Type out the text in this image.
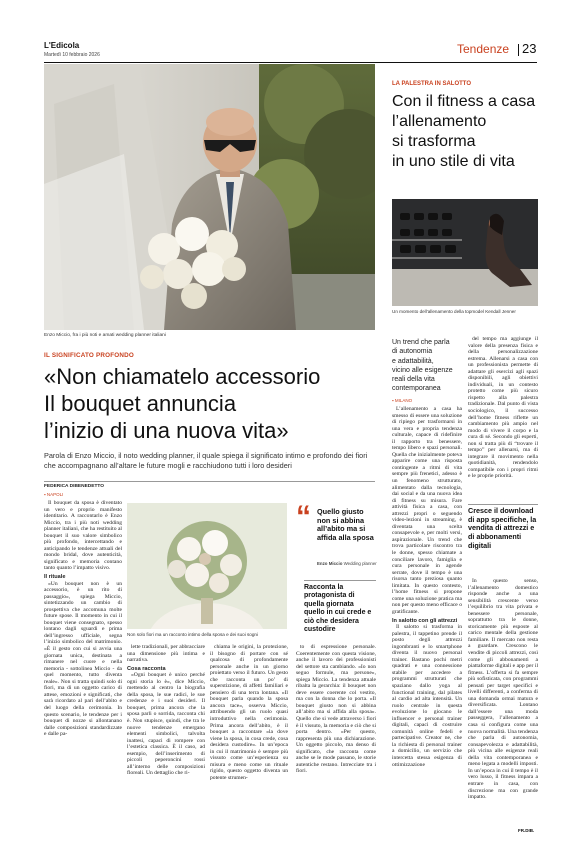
L'Edicola
Martedì 10 febbraio 2026	Tendenze 23
Enzo Miccio, fra i più noti e amati wedding planner italiani
IL SIGNIFICATO PROFONDO
«Non chiamatelo accessorio
Il bouquet annuncia
l’inizio di una nuova vita»
Parola di Enzo Miccio, il noto wedding planner, il quale spiega il significato intimo e profondo dei fiori che accompagnano all’altare le future mogli e racchiudono tutti i loro desideri
FEDERICA DIBENEDETTO
▪ NAPOLI

Il bouquet da sposa è diventato un vero e proprio manifesto identitario. A raccontarlo è Enzo Miccio, tra i più noti wedding planner italiani, che ha restituito al bouquet il suo valore simbolico più profondo, intercettando e anticipando le tendenze attuali del mondo bridal, dove autenticità, significato e memoria contano tanto quanto l’impatto visivo.

Il rituale

«Un bouquet non è un accessorio, è un rito di passaggio», spiega Miccio, sintetizzando un cambio di prospettiva che accomuna molte future spose. Il momento in cui il bouquet viene consegnato, spesso lontano dagli sguardi e prima dell’ingresso ufficiale, segna l’inizio simbolico del matrimonio. «È il gesto con cui si avvia una giornata unica, destinata a rimanere nel cuore e nella memoria - sottolinea Miccio - da quel momento, tutto diventa reale». Non si tratta quindi solo di fiori, ma di un oggetto carico di attese, emozioni e significati, che sarà ricordato al pari dell’abito e del luogo della cerimonia. In questo scenario, le tendenze per i bouquet di nozze si allontanano dalle composizioni standardizzate e dalle pa-

Non solo fiori ma un racconto intimo della sposa e dei suoi sogni

lette tradizionali, per abbracciare una dimensione più intima e narrativa.

Cosa racconta

«Ogni bouquet è unico perché ogni storia lo è», dice Miccio, mettendo al centro la biografia della sposa, le sue radici, le sue credenze e i suoi desideri. Il bouquet, prima ancora che la sposa parli o sorrida, racconta chi è. Non stupisce, quindi, che tra le nuove tendenze emergano elementi simbolici, talvolta inattesi, capaci di rompere con l’estetica classica. È il caso, ad esempio, dell’inserimento di piccoli peperoncini rossi all’interno delle composizioni floreali. Un dettaglio che ri-

chiama le origini, la protezione, il bisogno di portare con sé qualcosa di profondamente personale anche in un giorno proiettato verso il futuro. Un gesto che racconta un po’ di superstizione, di affetti familiari e pensiero di una terra lontana. «Il bouquet parla quando la sposa ancora tace», osserva Miccio, attribuendo gli un ruolo quasi introduttivo nella cerimonia. Prima ancora dell’abito, è il bouquet a raccontare «la dove viene la sposa, in cosa crede, cosa desidera custodire». In un’epoca in cui il matrimonio è sempre più vissuto come un’esperienza su misura e meno come un rituale rigido, questo oggetto diventa un potente strumen-

“ Quello giusto non si abbina all’abito ma si affida alla sposa
Enzo Miccio Wedding planner
Racconta la protagonista di quella giornata quello in cui crede e ciò che desidera custodire

to di espressione personale. Coerentemente con questa visione, anche il lavoro dei professionisti del settore sta cambiando. «Io non seguo formule, ma persone», spiega Miccio. La tendenza attuale ribalta la gerarchia: il bouquet non deve essere coerente col vestito, ma con la donna che lo porta. «Il bouquet giusto non si abbina all’abito ma si affida alla sposa». Quello che si vede attraverso i fiori è il vissuto, la memoria e ciò che si porta dentro. «Per questo, rappresenta più una dichiarazione. Un oggetto piccolo, ma denso di significato, che racconta come anche se le mode passano, le storie autentiche restano. Intrecciate tra i fiori.

LA PALESTRA IN SALOTTO
Con il fitness a casa
l’allenamento
si trasforma
in uno stile di vita
Un momento dell’allenamento della topmodel Kendall Jenner
Un trend che parla
di autonomia
e adattabilità,
vicino alle esigenze
reali della vita
contemporanea
▪ MILANO

L’allenamento a casa ha smesso di essere una soluzione di ripiego per trasformarsi in una vera e propria tendenza culturale, capace di ridefinire il rapporto tra benessere, tempo libero e spazi personali. Quella che inizialmente poteva apparire come una risposta contingente a ritmi di vita sempre più frenetici, adesso è un fenomeno strutturato, alimentato dalla tecnologia, dai social e da una nuova idea di fitness su misura. Fare attività fisica a casa, con attrezzi propri o seguendo video-lezioni in streaming, è diventata una scelta consapevole e, per molti versi, aspirazionale. Un trend che trova particolare riscontro tra le donne, spesso chiamate a conciliare lavoro, famiglia e cura personale in agende serrate, dove il tempo è una risorsa tanto preziosa quanto limitata. In questo contesto, l’home fitness si propone come una soluzione pratica ma non per questo meno efficace o gratificante.

In salotto con gli attrezzi

Il salotto si trasforma in palestra, il tappetino prende il posto degli attrezzi ingombranti e lo smartphone diventa il nuovo personal trainer. Bastano pochi metri quadrati e una connessione stabile per accedere a programmi strutturati che spaziano dallo yoga al functional training, dal pilates al cardio ad alta intensità. Un ruolo centrale in questa evoluzione lo giocano le influencer e personal trainer digitali, capaci di costruire comunità online fedeli e partecipative. Creator ne, che la richiesta di personal trainer a domicilio, un servizio che intercetta stessa esigenza di ottimizzazione

del tempo ma aggiunge il valore della presenza fisica e della personalizzazione estrema. Allenarsi a casa con un professionista permette di adattare gli esercizi agli spazi disponibili, agli obiettivi individuali, in un contesto protetto come più sicuro rispetto alla palestra tradizionale. Dal punto di vista sociologico, il successo dell’home fitness riflette un cambiamento più ampio nel modo di vivere il corpo e la cura di sé. Secondo gli esperti, non si tratta più di “trovare il tempo” per allenarsi, ma di integrare il movimento nella quotidianità, rendendolo compatibile con i propri ritmi e le proprie priorità.

Cresce il download di app specifiche, la vendita di attrezzi e di abbonamenti digitali

In questo senso, l’allenamento domestico risponde anche a una sensibilità crescente verso l’equilibrio tra vita privata e benessere personale, soprattutto tra le donne, storicamente più esposte al carico mentale della gestione familiare. Il mercato non resta a guardare. Crescono le vendite di piccoli attrezzi, così come gli abbonamenti a piattaforme digitali e app per il fitness. L’offerta si fa sempre più sofisticata, con programmi pensati per target specifici e livelli differenti, a conferma di una domanda ormai matura e diversificata. Lontano dall’essere una moda passeggera, l’allenamento a casa si configura come una nuova normalità. Una tendenza che parla di autonomia, consapevolezza e adattabilità, più vicina alle esigenze reali della vita contemporanea e meno legata a modelli imposti. In un’epoca in cui il tempo è il vero lusso, il fitness impara a entrare in casa, con discrezione ma con grande impatto.

FR.DIB.
